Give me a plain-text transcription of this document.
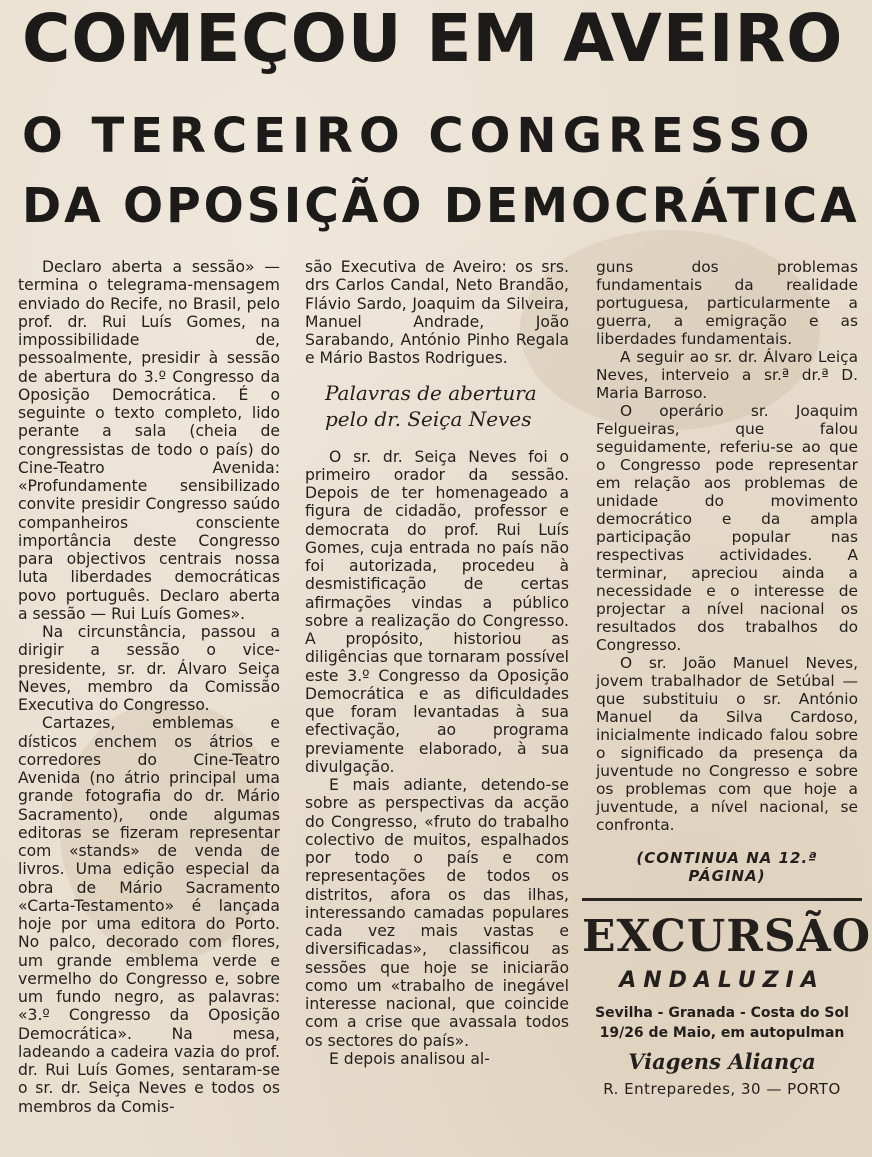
COMEÇOU EM AVEIRO
O TERCEIRO CONGRESSO
DA OPOSIÇÃO DEMOCRÁTICA

Declaro aberta a sessão» — termina o telegrama-mensagem enviado do Recife, no Brasil, pelo prof. dr. Rui Luís Gomes, na impossibilidade de, pessoalmente, presidir à sessão de abertura do 3.º Congresso da Oposição Democrática. É o seguinte o texto completo, lido perante a sala (cheia de congressistas de todo o país) do Cine-Teatro Avenida: «Profundamente sensibilizado convite presidir Congresso saúdo companheiros consciente importância deste Congresso para objectivos centrais nossa luta liberdades democráticas povo português. Declaro aberta a sessão — Rui Luís Gomes».

Na circunstância, passou a dirigir a sessão o vice-presidente, sr. dr. Álvaro Seiça Neves, membro da Comissão Executiva do Congresso.

Cartazes, emblemas e dísticos enchem os átrios e corredores do Cine-Teatro Avenida (no átrio principal uma grande fotografia do dr. Mário Sacramento), onde algumas editoras se fizeram representar com «stands» de venda de livros. Uma edição especial da obra de Mário Sacramento «Carta-Testamento» é lançada hoje por uma editora do Porto. No palco, decorado com flores, um grande emblema verde e vermelho do Congresso e, sobre um fundo negro, as palavras: «3.º Congresso da Oposição Democrática». Na mesa, ladeando a cadeira vazia do prof. dr. Rui Luís Gomes, sentaram-se o sr. dr. Seiça Neves e todos os membros da Comis-

são Executiva de Aveiro: os srs. drs Carlos Candal, Neto Brandão, Flávio Sardo, Joaquim da Silveira, Manuel Andrade, João Sarabando, António Pinho Regala e Mário Bastos Rodrigues.

Palavras de abertura
pelo dr. Seiça Neves

O sr. dr. Seiça Neves foi o primeiro orador da sessão. Depois de ter homenageado a figura de cidadão, professor e democrata do prof. Rui Luís Gomes, cuja entrada no país não foi autorizada, procedeu à desmistificação de certas afirmações vindas a público sobre a realização do Congresso. A propósito, historiou as diligências que tornaram possível este 3.º Congresso da Oposição Democrática e as dificuldades que foram levantadas à sua efectivação, ao programa previamente elaborado, à sua divulgação.

E mais adiante, detendo-se sobre as perspectivas da acção do Congresso, «fruto do trabalho colectivo de muitos, espalhados por todo o país e com representações de todos os distritos, afora os das ilhas, interessando camadas populares cada vez mais vastas e diversificadas», classificou as sessões que hoje se iniciarão como um «trabalho de inegável interesse nacional, que coincide com a crise que avassala todos os sectores do país».

E depois analisou al-

guns dos problemas fundamentais da realidade portuguesa, particularmente a guerra, a emigração e as liberdades fundamentais.

A seguir ao sr. dr. Álvaro Leiça Neves, interveio a sr.ª dr.ª D. Maria Barroso.

O operário sr. Joaquim Felgueiras, que falou seguidamente, referiu-se ao que o Congresso pode representar em relação aos problemas de unidade do movimento democrático e da ampla participação popular nas respectivas actividades. A terminar, apreciou ainda a necessidade e o interesse de projectar a nível nacional os resultados dos trabalhos do Congresso.

O sr. João Manuel Neves, jovem trabalhador de Setúbal — que substituiu o sr. António Manuel da Silva Cardoso, inicialmente indicado falou sobre o significado da presença da juventude no Congresso e sobre os problemas com que hoje a juventude, a nível nacional, se confronta.

(CONTINUA NA 12.ª PÁGINA)
EXCURSÃO
ANDALUZIA
Sevilha - Granada - Costa do Sol
19/26 de Maio, em autopulman
Viagens Aliança
R. Entreparedes, 30 — PORTO
